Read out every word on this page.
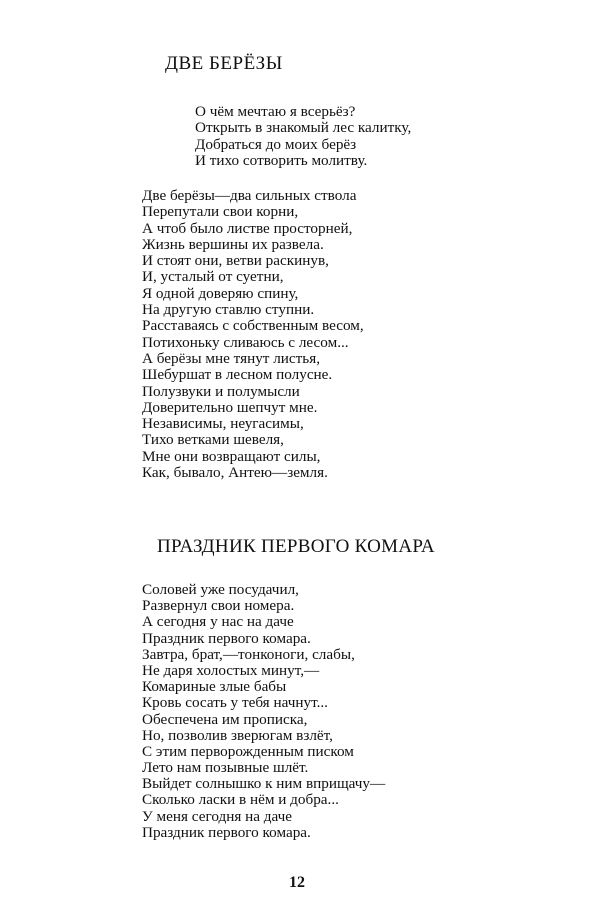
ДВЕ БЕРЁЗЫ
О чём мечтаю я всерьёз?
Открыть в знакомый лес калитку,
Добраться до моих берёз
И тихо сотворить молитву.
Две берёзы—два сильных ствола
Перепутали свои корни,
А чтоб было листве просторней,
Жизнь вершины их развела.
И стоят они, ветви раскинув,
И, усталый от суетни,
Я одной доверяю спину,
На другую ставлю ступни.
Расставаясь с собственным весом,
Потихоньку сливаюсь с лесом...
А берёзы мне тянут листья,
Шебуршат в лесном полусне.
Полузвуки и полумысли
Доверительно шепчут мне.
Независимы, неугасимы,
Тихо ветками шевеля,
Мне они возвращают силы,
Как, бывало, Антею—земля.
ПРАЗДНИК ПЕРВОГО КОМАРА
Соловей уже посудачил,
Развернул свои номера.
А сегодня у нас на даче
Праздник первого комара.
Завтра, брат,—тонконоги, слабы,
Не даря холостых минут,—
Комариные злые бабы
Кровь сосать у тебя начнут...
Обеспечена им прописка,
Но, позволив зверюгам взлёт,
С этим перворожденным писком
Лето нам позывные шлёт.
Выйдет солнышко к ним вприщачу—
Сколько ласки в нём и добра...
У меня сегодня на даче
Праздник первого комара.
12
